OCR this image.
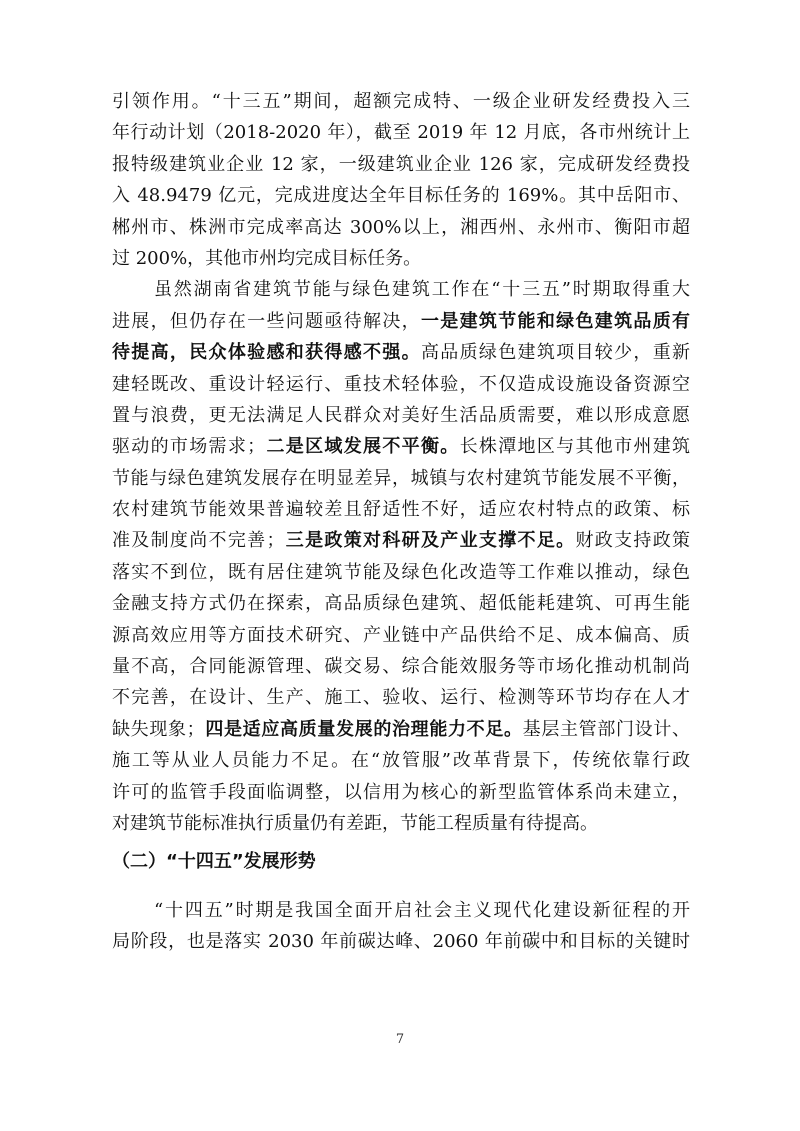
引领作用。“十三五”期间，超额完成特、一级企业研发经费投入三
年行动计划（2018-2020 年），截至 2019 年 12 月底，各市州统计上
报特级建筑业企业 12 家，一级建筑业企业 126 家，完成研发经费投
入 48.9479 亿元，完成进度达全年目标任务的 169%。其中岳阳市、
郴州市、株洲市完成率高达 300%以上，湘西州、永州市、衡阳市超
过 200%，其他市州均完成目标任务。
虽然湖南省建筑节能与绿色建筑工作在“十三五”时期取得重大
进展，但仍存在一些问题亟待解决，一是建筑节能和绿色建筑品质有
待提高，民众体验感和获得感不强。高品质绿色建筑项目较少，重新
建轻既改、重设计轻运行、重技术轻体验，不仅造成设施设备资源空
置与浪费，更无法满足人民群众对美好生活品质需要，难以形成意愿
驱动的市场需求；二是区域发展不平衡。长株潭地区与其他市州建筑
节能与绿色建筑发展存在明显差异，城镇与农村建筑节能发展不平衡，
农村建筑节能效果普遍较差且舒适性不好，适应农村特点的政策、标
准及制度尚不完善；三是政策对科研及产业支撑不足。财政支持政策
落实不到位，既有居住建筑节能及绿色化改造等工作难以推动，绿色
金融支持方式仍在探索，高品质绿色建筑、超低能耗建筑、可再生能
源高效应用等方面技术研究、产业链中产品供给不足、成本偏高、质
量不高，合同能源管理、碳交易、综合能效服务等市场化推动机制尚
不完善，在设计、生产、施工、验收、运行、检测等环节均存在人才
缺失现象；四是适应高质量发展的治理能力不足。基层主管部门设计、
施工等从业人员能力不足。在“放管服”改革背景下，传统依靠行政
许可的监管手段面临调整，以信用为核心的新型监管体系尚未建立，
对建筑节能标准执行质量仍有差距，节能工程质量有待提高。
（二）“十四五”发展形势
“十四五”时期是我国全面开启社会主义现代化建设新征程的开
局阶段，也是落实 2030 年前碳达峰、2060 年前碳中和目标的关键时
7
